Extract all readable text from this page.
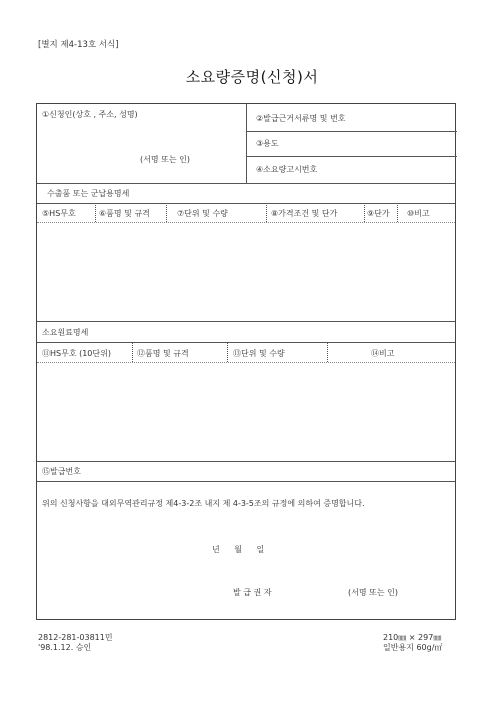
[별지 제4-13호 서식]
소요량증명(신청)서
①신청인(상호 , 주소, 성명)
(서명 또는 인)
②발급근거서류명 및 번호
③용도
④소요량고시번호
수출품 또는 군납용명세
⑤HS무호	⑥품명 및 규격	⑦단위 및 수량	⑧가격조건 및 단가	⑨단가 ⑩비고
소요원료명세
⑪HS무호 (10단위)	⑫품명 및 규격	⑬단위 및 수량	⑭비고
⑮발급번호
위의 신청사항을 대외무역관리규정 제4-3-2조 내지 제 4-3-5조의 규정에 의하여 증명합니다.
년 월 일
발 급 권 자	(서명 또는 인)
2812-281-03811민
'98.1.12. 승인
210㎜ × 297㎜
일반용지 60g/㎡
